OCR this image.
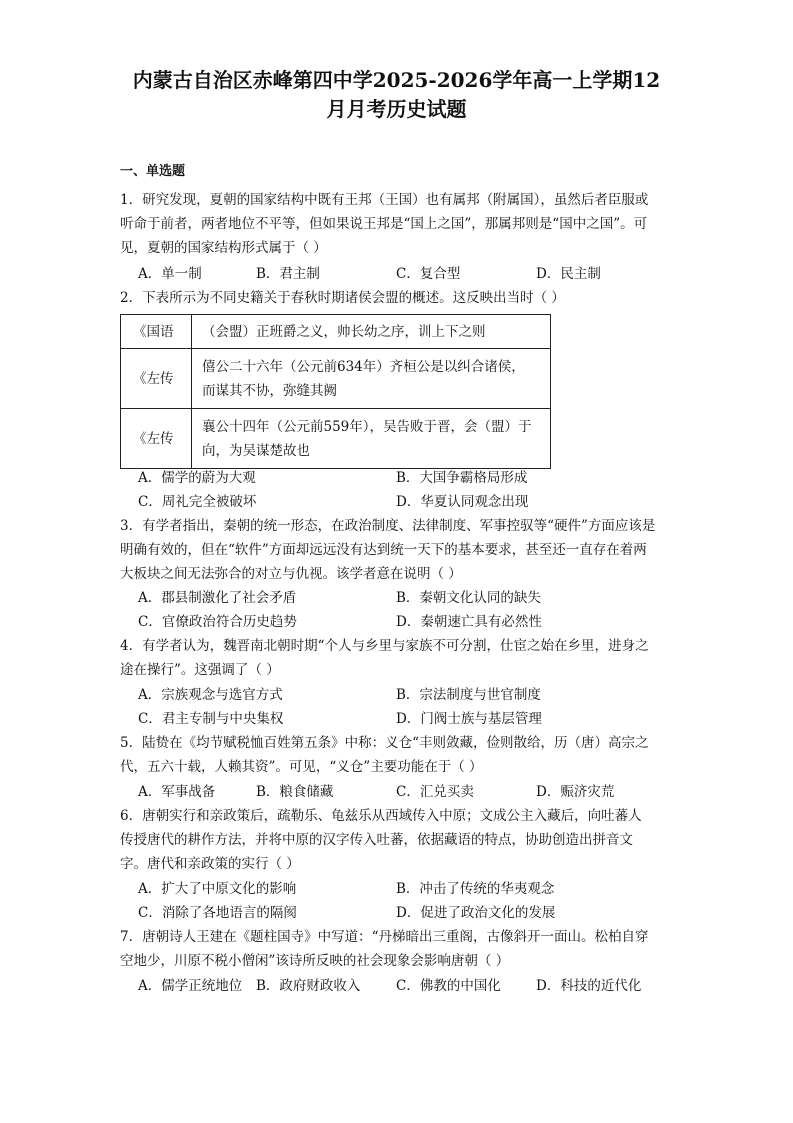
内蒙古自治区赤峰第四中学2025-2026学年高一上学期12
月月考历史试题
一、单选题
1．研究发现，夏朝的国家结构中既有王邦（王国）也有属邦（附属国），虽然后者臣服或
听命于前者，两者地位不平等，但如果说王邦是“国上之国”，那属邦则是“国中之国”。可
见，夏朝的国家结构形式属于（ ）
A．单一制	B．君主制	C．复合型	D．民主制
2．下表所示为不同史籍关于春秋时期诸侯会盟的概述。这反映出当时（ ）
《国语	（会盟）正班爵之义，帅长幼之序，训上下之则
《左传	僖公二十六年（公元前634年）齐桓公是以纠合诸侯，
而谋其不协，弥缝其阙
《左传	襄公十四年（公元前559年），吴告败于晋，会（盟）于
向，为吴谋楚故也
A．儒学的蔚为大观	B．大国争霸格局形成
C．周礼完全被破坏	D．华夏认同观念出现
3．有学者指出，秦朝的统一形态，在政治制度、法律制度、军事控驭等“硬件”方面应该是
明确有效的，但在“软件”方面却远远没有达到统一天下的基本要求，甚至还一直存在着两
大板块之间无法弥合的对立与仇视。该学者意在说明（ ）
A．郡县制激化了社会矛盾	B．秦朝文化认同的缺失
C．官僚政治符合历史趋势	D．秦朝速亡具有必然性
4．有学者认为，魏晋南北朝时期“个人与乡里与家族不可分割，仕宦之始在乡里，进身之
途在操行”。这强调了（ ）
A．宗族观念与选官方式	B．宗法制度与世官制度
C．君主专制与中央集权	D．门阀士族与基层管理
5．陆贽在《均节赋税恤百姓第五条》中称：义仓“丰则敛藏，俭则散给，历（唐）高宗之
代，五六十载，人赖其资”。可见，“义仓”主要功能在于（ ）
A．军事战备	B．粮食储藏	C．汇兑买卖	D．赈济灾荒
6．唐朝实行和亲政策后，疏勒乐、龟兹乐从西域传入中原；文成公主入藏后，向吐蕃人
传授唐代的耕作方法，并将中原的汉字传入吐蕃，依据藏语的特点，协助创造出拼音文
字。唐代和亲政策的实行（ ）
A．扩大了中原文化的影响	B．冲击了传统的华夷观念
C．消除了各地语言的隔阂	D．促进了政治文化的发展
7．唐朝诗人王建在《题柱国寺》中写道：“丹梯暗出三重阁，古像斜开一面山。松柏自穿
空地少，川原不税小僧闲”该诗所反映的社会现象会影响唐朝（ ）
A．儒学正统地位 B．政府财政收入	C．佛教的中国化	D．科技的近代化
